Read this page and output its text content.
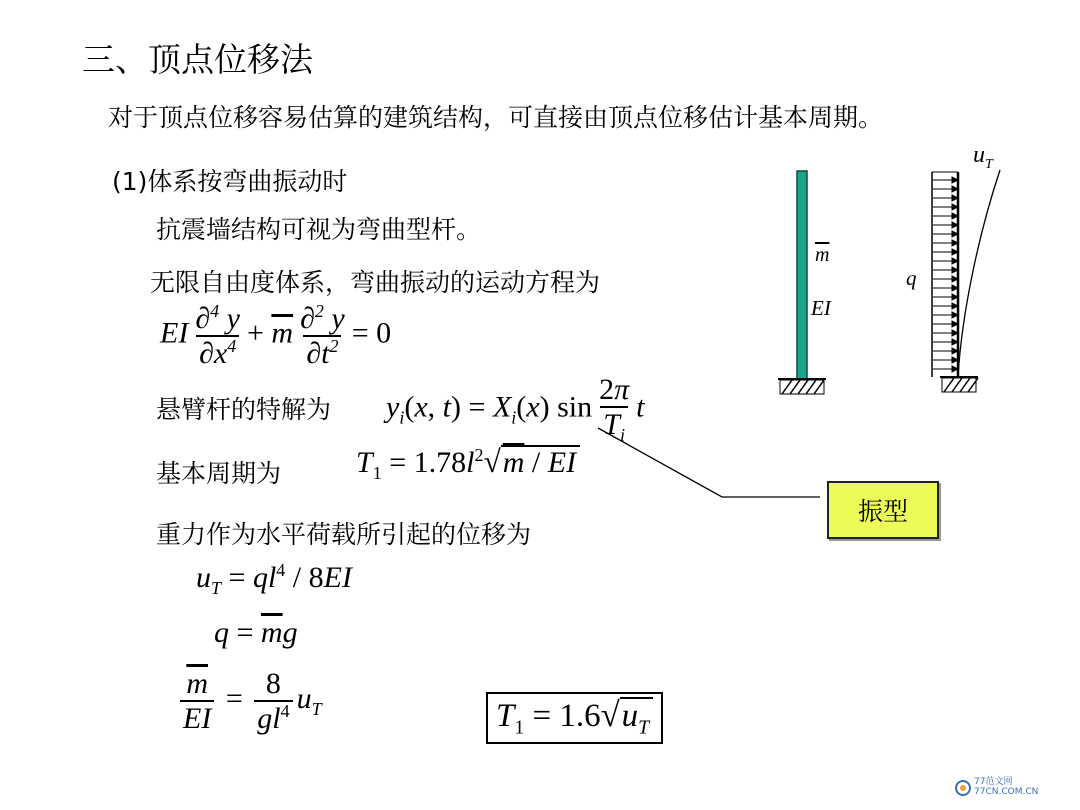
三、顶点位移法
对于顶点位移容易估算的建筑结构，可直接由顶点位移估计基本周期。
(1)体系按弯曲振动时
抗震墙结构可视为弯曲型杆。
无限自由度体系，弯曲振动的运动方程为
EI $\frac{\partial^4 y}{\partial x^4} + \overline{m} \frac{\partial^2 y}{\partial t^2} = 0$
悬臂杆的特解为 $y_i(x$, $t) = X_i(x)$ $\sin \frac{2\pi}{T_i}$ t
基本周期为 $T_1 = 1.78l^2√m$ / EI
重力作为水平荷载所引起的位移为
$u_T = ql^4 / 8EI$
$q = \overline{m}g$
$\frac{\overline{m}}{EI} = \frac{8}{gl^4} u_T$	$T_1 = 1.6√u_T$
振型
$\overline{m}$
EI
$u_T$
q
77范文网
77CN.COM.CN
